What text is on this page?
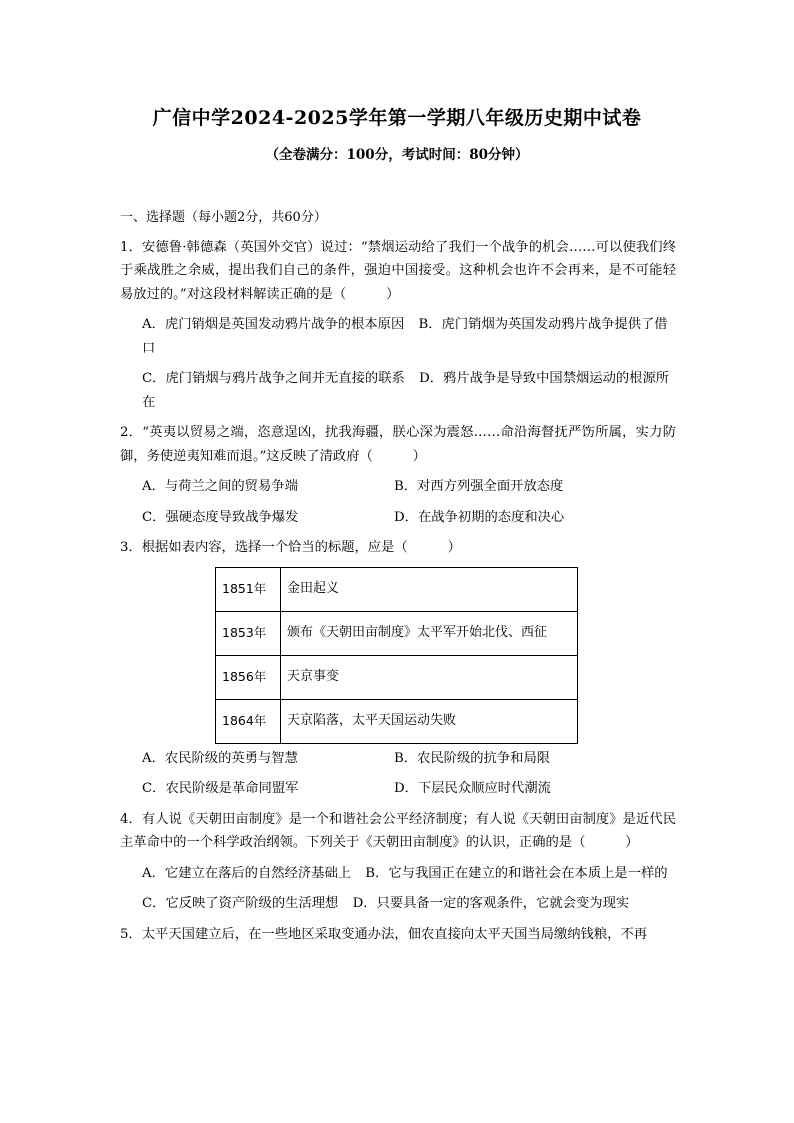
广信中学2024-2025学年第一学期八年级历史期中试卷
（全卷满分：100分，考试时间：80分钟）
一、选择题（每小题2分，共60分）
1．安德鲁·韩德森（英国外交官）说过：“禁烟运动给了我们一个战争的机会……可以使我们终于乘战胜之余威，提出我们自己的条件，强迫中国接受。这种机会也许不会再来，是不可能轻易放过的。”对这段材料解读正确的是（　　　）
A．虎门销烟是英国发动鸦片战争的根本原因 B．虎门销烟为英国发动鸦片战争提供了借口
C．虎门销烟与鸦片战争之间并无直接的联系 D．鸦片战争是导致中国禁烟运动的根源所在
2．“英夷以贸易之端，恣意逞凶，扰我海疆，朕心深为震怒……命沿海督抚严饬所属，实力防御，务使逆夷知难而退。”这反映了清政府（　　　）
A．与荷兰之间的贸易争端	B．对西方列强全面开放态度
C．强硬态度导致战争爆发	D．在战争初期的态度和决心
3．根据如表内容，选择一个恰当的标题，应是（　　　）
1851年	金田起义
1853年	颁布《天朝田亩制度》太平军开始北伐、西征
1856年	天京事变
1864年	天京陷落，太平天国运动失败
A．农民阶级的英勇与智慧	B．农民阶级的抗争和局限
C．农民阶级是革命同盟军	D．下层民众顺应时代潮流
4．有人说《天朝田亩制度》是一个和谐社会公平经济制度；有人说《天朝田亩制度》是近代民主革命中的一个科学政治纲领。下列关于《天朝田亩制度》的认识，正确的是（　　　）
A．它建立在落后的自然经济基础上 B．它与我国正在建立的和谐社会在本质上是一样的
C．它反映了资产阶级的生活理想 D．只要具备一定的客观条件，它就会变为现实
5．太平天国建立后，在一些地区采取变通办法，佃农直接向太平天国当局缴纳钱粮，不再
